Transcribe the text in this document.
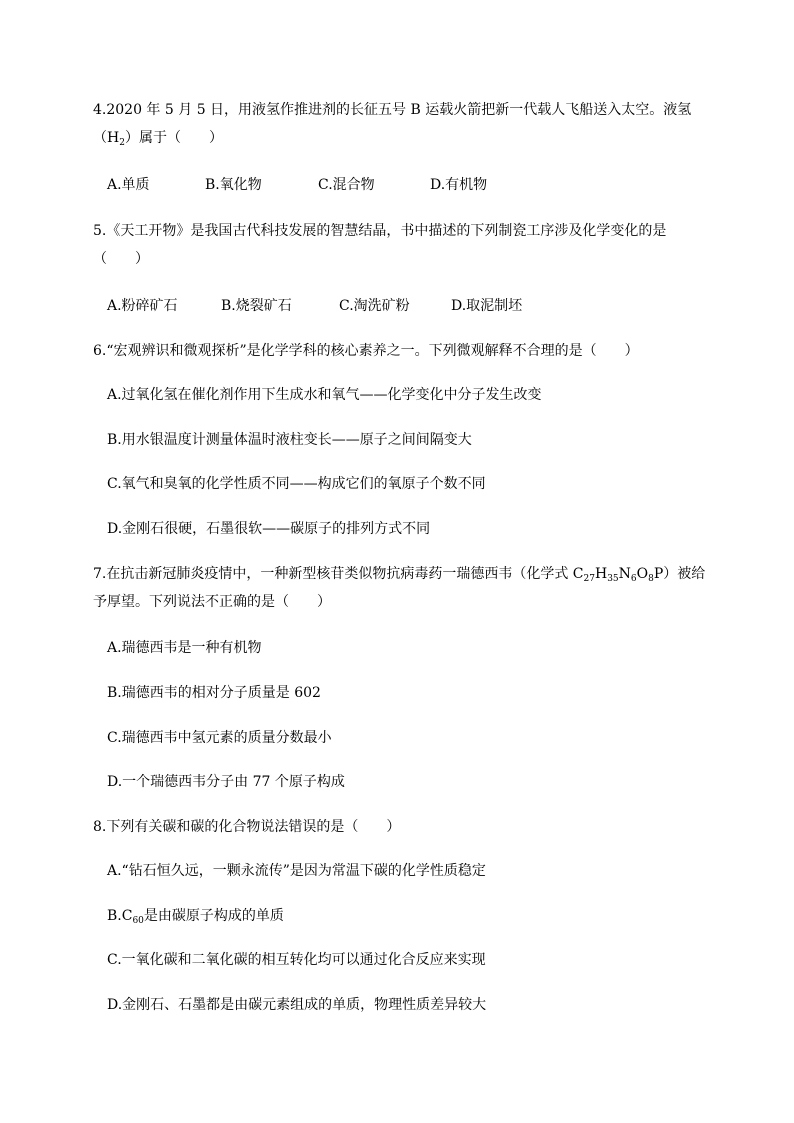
4.2020 年 5 月 5 日，用液氢作推进剂的长征五号 B 运载火箭把新一代载人飞船送入太空。液氢
$(H_2)$属于（　　）
A.单质	B.氧化物	C.混合物	D.有机物
5.《天工开物》是我国古代科技发展的智慧结晶，书中描述的下列制瓷工序涉及化学变化的是
（　　）
A.粉碎矿石	B.烧裂矿石	C.淘洗矿粉	D.取泥制坯
6.“宏观辨识和微观探析”是化学学科的核心素养之一。下列微观解释不合理的是（　　）
A.过氧化氢在催化剂作用下生成水和氧气——化学变化中分子发生改变
B.用水银温度计测量体温时液柱变长——原子之间间隔变大
C.氧气和臭氧的化学性质不同——构成它们的氧原子个数不同
D.金刚石很硬，石墨很软——碳原子的排列方式不同
7.在抗击新冠肺炎疫情中，一种新型核苷类似物抗病毒药一瑞德西韦（化学式 $C_{27}H_{35}N_6O_8P$）被给
予厚望。下列说法不正确的是（　　）
A.瑞德西韦是一种有机物
B.瑞德西韦的相对分子质量是 602
C.瑞德西韦中氢元素的质量分数最小
D.一个瑞德西韦分子由 77 个原子构成
8.下列有关碳和碳的化合物说法错误的是（　　）
A.“钻石恒久远，一颗永流传”是因为常温下碳的化学性质稳定
$B.C_{60}$是由碳原子构成的单质
C.一氧化碳和二氧化碳的相互转化均可以通过化合反应来实现
D.金刚石、石墨都是由碳元素组成的单质，物理性质差异较大
